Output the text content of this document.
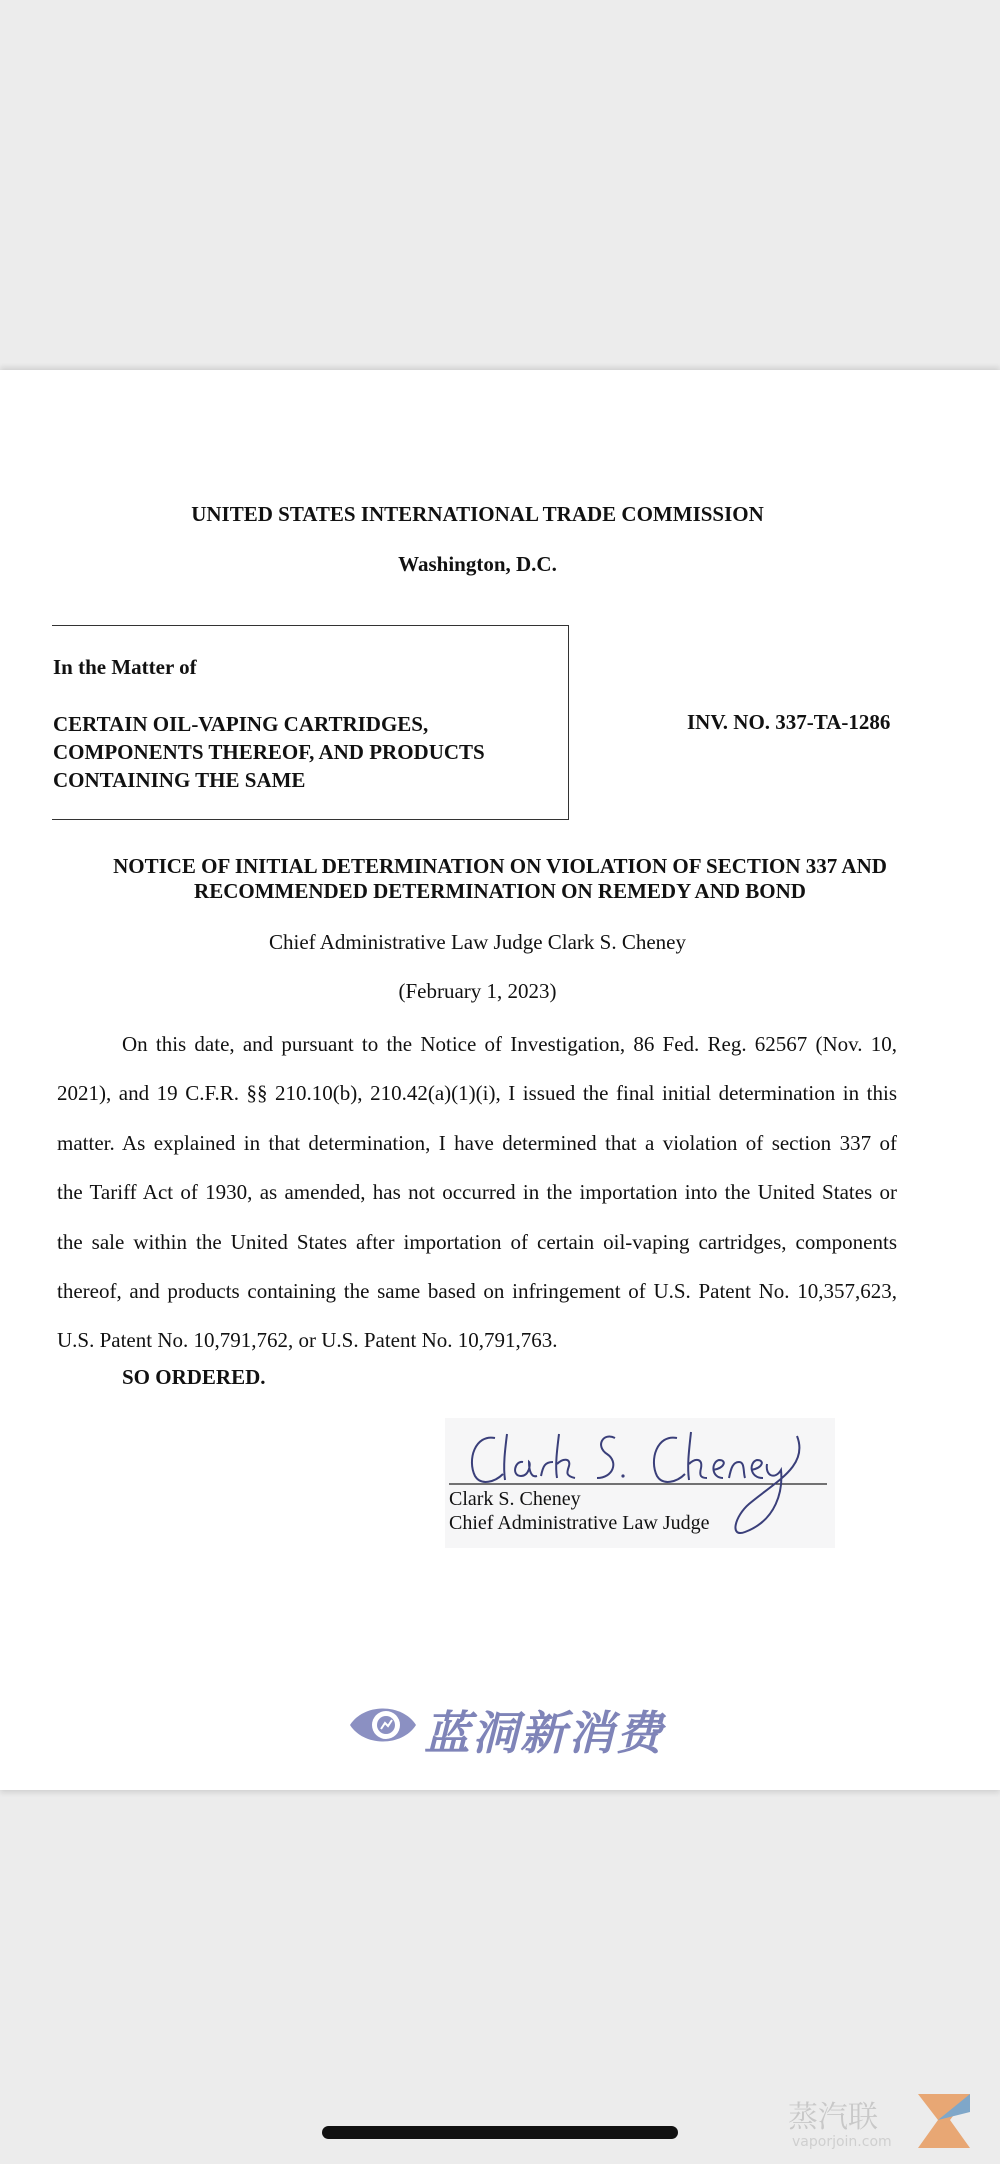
UNITED STATES INTERNATIONAL TRADE COMMISSION
Washington, D.C.
In the Matter of
CERTAIN OIL-VAPING CARTRIDGES,
COMPONENTS THEREOF, AND PRODUCTS
CONTAINING THE SAME
INV. NO. 337-TA-1286
NOTICE OF INITIAL DETERMINATION ON VIOLATION OF SECTION 337 AND
RECOMMENDED DETERMINATION ON REMEDY AND BOND
Chief Administrative Law Judge Clark S. Cheney
(February 1, 2023)
On this date, and pursuant to the Notice of Investigation, 86 Fed. Reg. 62567 (Nov. 10,
2021), and 19 C.F.R. §§ 210.10(b), 210.42(a)(1)(i), I issued the final initial determination in this
matter. As explained in that determination, I have determined that a violation of section 337 of
the Tariff Act of 1930, as amended, has not occurred in the importation into the United States or
the sale within the United States after importation of certain oil-vaping cartridges, components
thereof, and products containing the same based on infringement of U.S. Patent No. 10,357,623,
U.S. Patent No. 10,791,762, or U.S. Patent No. 10,791,763.
SO ORDERED.
Clark S. Cheney
Chief Administrative Law Judge
蓝洞新消费
蒸汽联
vaporjoin.com
